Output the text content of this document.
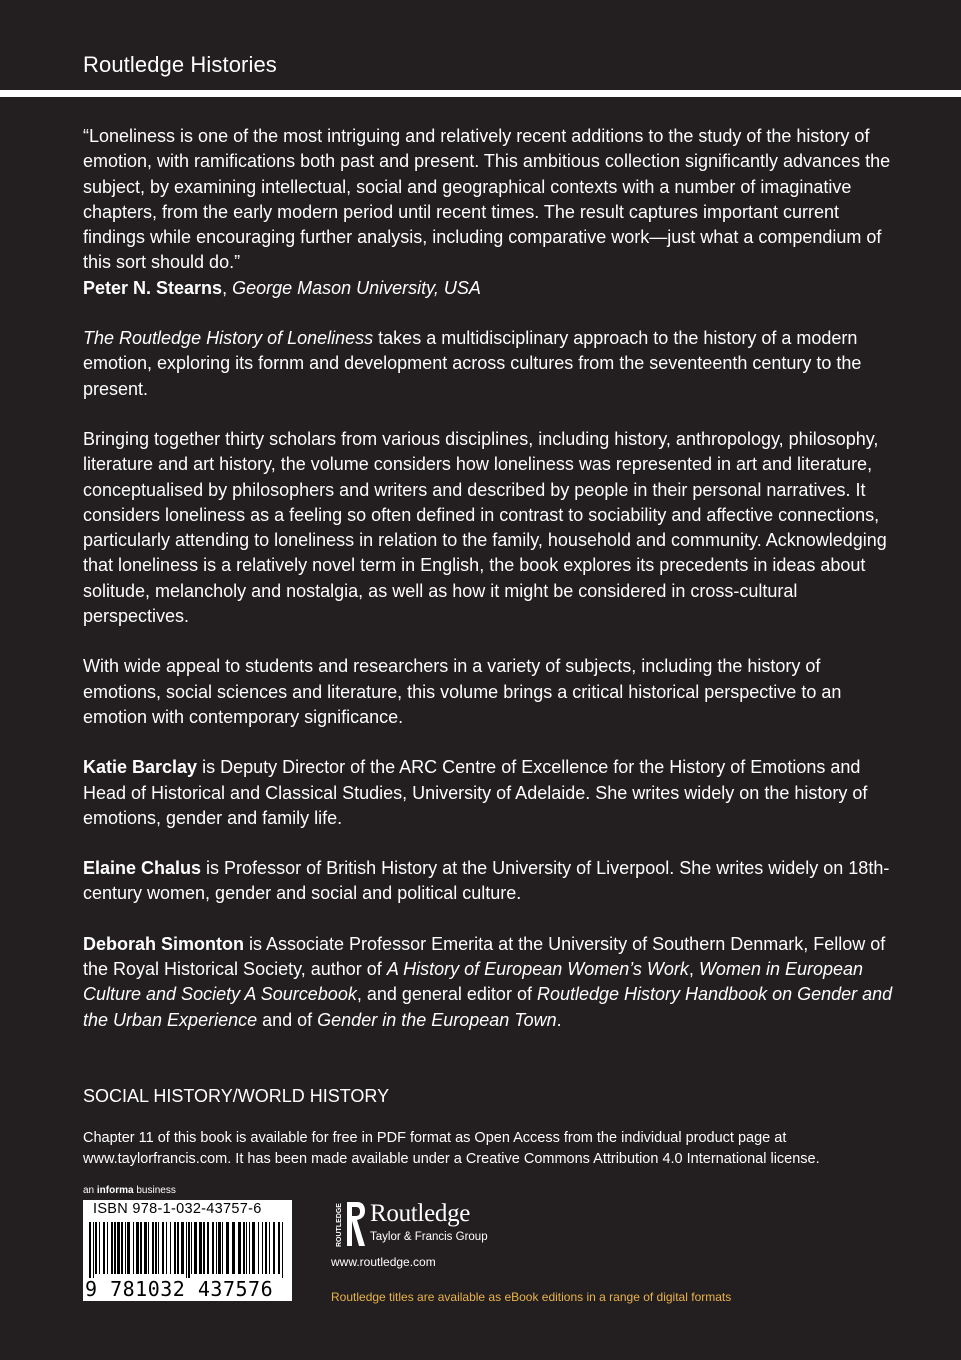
Routledge Histories

“Loneliness is one of the most intriguing and relatively recent additions to the study of the history of emotion, with ramifications both past and present. This ambitious collection significantly advances the subject, by examining intellectual, social and geographical contexts with a number of imaginative chapters, from the early modern period until recent times. The result captures important current findings while encouraging further analysis, including comparative work—just what a compendium of this sort should do.”

Peter N. Stearns, George Mason University, USA

The Routledge History of Loneliness takes a multidisciplinary approach to the history of a modern emotion, exploring its fornm and development across cultures from the seventeenth century to the present.

Bringing together thirty scholars from various disciplines, including history, anthropology, philosophy, literature and art history, the volume considers how loneliness was represented in art and literature, conceptualised by philosophers and writers and described by people in their personal narratives. It considers loneliness as a feeling so often defined in contrast to sociability and affective connections, particularly attending to loneliness in relation to the family, household and community. Acknowledging that loneliness is a relatively novel term in English, the book explores its precedents in ideas about solitude, melancholy and nostalgia, as well as how it might be considered in cross-cultural perspectives.

With wide appeal to students and researchers in a variety of subjects, including the history of emotions, social sciences and literature, this volume brings a critical historical perspective to an emotion with contemporary significance.

Katie Barclay is Deputy Director of the ARC Centre of Excellence for the History of Emotions and Head of Historical and Classical Studies, University of Adelaide. She writes widely on the history of emotions, gender and family life.

Elaine Chalus is Professor of British History at the University of Liverpool. She writes widely on 18th-century women, gender and social and political culture.

Deborah Simonton is Associate Professor Emerita at the University of Southern Denmark, Fellow of the Royal Historical Society, author of A History of European Women’s Work, Women in European Culture and Society A Sourcebook, and general editor of Routledge History Handbook on Gender and the Urban Experience and of Gender in the European Town.

SOCIAL HISTORY/WORLD HISTORY
Chapter 11 of this book is available for free in PDF format as Open Access from the individual product page at www.taylorfrancis.com. It has been made available under a Creative Commons Attribution 4.0 International license.
an informa business
ISBN 978-1-032-43757-6
9 781032 437576
ROUTLEDGE Routledge
Taylor & Francis Group
www.routledge.com
Routledge titles are available as eBook editions in a range of digital formats
